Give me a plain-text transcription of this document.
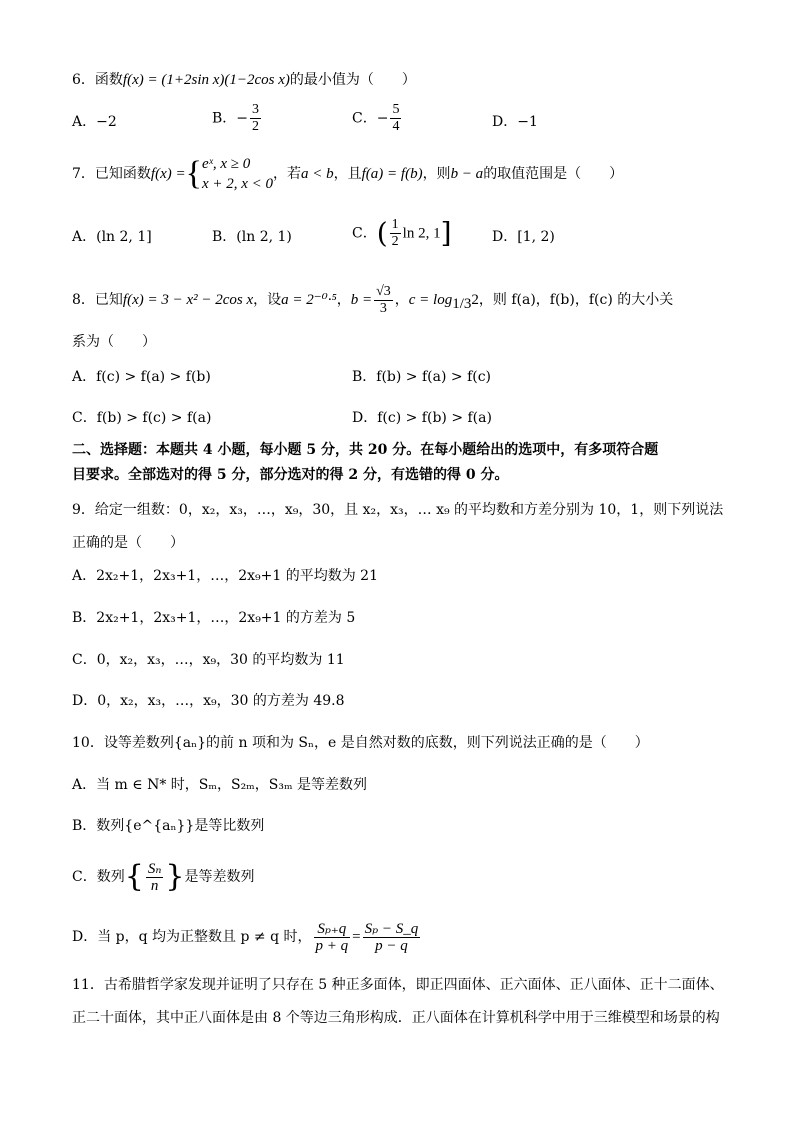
6．函数f(x) = (1+2sin x)(1−2cos x)的最小值为（　　）
A．−2	B．− $\frac{3}{2}$	C．− $\frac{5}{4}$	D．−1
7．已知函数f(x) ={ eˣ, x ≥ 0
x + 2, x < 0
，若a < b，且f(a) = f(b)，则b − a的取值范围是（　　）
A．(ln 2, 1]	B．(ln 2, 1)	C．( $\frac{1}{2}$ ln 2, 1]	D．[1, 2)
8．已知f(x) = 3 − x² − 2cos x，设a = 2⁻⁰·⁵，$b = \frac{√3}{3}$ ，$c = \log_{1/3}2$，则 f(a)，f(b)，f(c) 的大小关
系为（　　）
A．f(c) > f(a) > f(b)	B．f(b) > f(a) > f(c)
C．f(b) > f(c) > f(a)	D．f(c) > f(b) > f(a)
二、选择题：本题共 4 小题，每小题 5 分，共 20 分。在每小题给出的选项中，有多项符合题
目要求。全部选对的得 5 分，部分选对的得 2 分，有选错的得 0 分。
9．给定一组数：0，x₂，x₃，…，x₉，30，且 x₂，x₃，… x₉ 的平均数和方差分别为 10，1，则下列说法
正确的是（　　）
A．2x₂+1，2x₃+1，…，2x₉+1 的平均数为 21
B．2x₂+1，2x₃+1，…，2x₉+1 的方差为 5
C．0，x₂，x₃，…，x₉，30 的平均数为 11
D．0，x₂，x₃，…，x₉，30 的方差为 49.8
10．设等差数列{aₙ}的前 n 项和为 Sₙ，e 是自然对数的底数，则下列说法正确的是（　　）
A．当 m ∈ N* 时，Sₘ，S₂ₘ，S₃ₘ 是等差数列
B．数列{e^{aₙ}}是等比数列
C．数列{ $\frac{\text{Sₙ}}{n}$ }是等差数列
D．当 p，q 均为正整数且 p ≠ q 时， $\frac{\text{Sₚ₊q}}{p + q} = \frac{\text{Sₚ − S\_q}}{p - q}$
11．古希腊哲学家发现并证明了只存在 5 种正多面体，即正四面体、正六面体、正八面体、正十二面体、
正二十面体，其中正八面体是由 8 个等边三角形构成．正八面体在计算机科学中用于三维模型和场景的构
